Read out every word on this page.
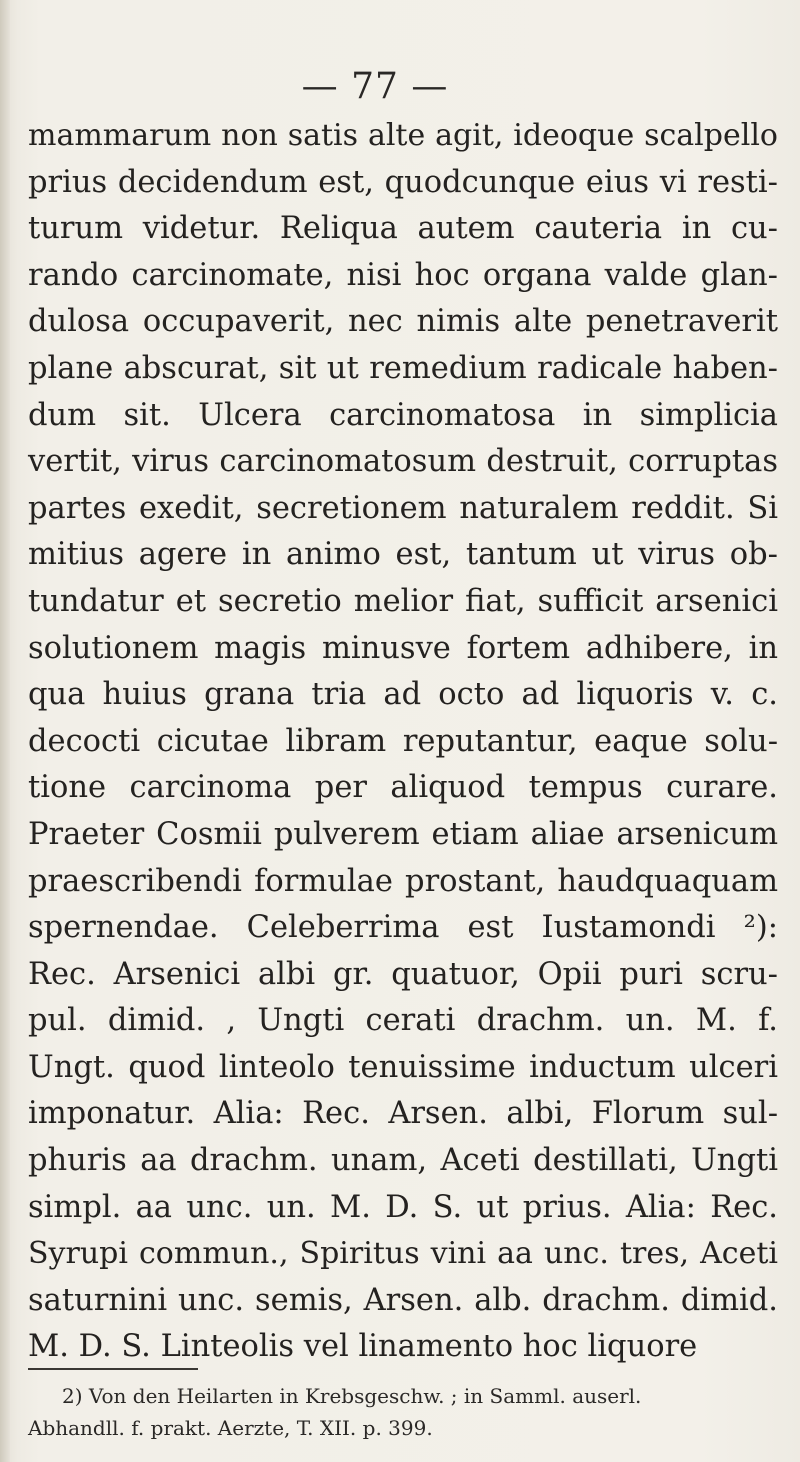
— 77 —
mammarum non satis alte agit, ideoque scalpello
prius decidendum est, quodcunque eius vi resti-
turum videtur. Reliqua autem cauteria in cu-
rando carcinomate, nisi hoc organa valde glan-
dulosa occupaverit, nec nimis alte penetraverit
plane abscurat, sit ut remedium radicale haben-
dum sit. Ulcera carcinomatosa in simplicia
vertit, virus carcinomatosum destruit, corruptas
partes exedit, secretionem naturalem reddit. Si
mitius agere in animo est, tantum ut virus ob-
tundatur et secretio melior fiat, sufficit arsenici
solutionem magis minusve fortem adhibere, in
qua huius grana tria ad octo ad liquoris v. c.
decocti cicutae libram reputantur, eaque solu-
tione carcinoma per aliquod tempus curare.
Praeter Cosmii pulverem etiam aliae arsenicum
praescribendi formulae prostant, haudquaquam
spernendae. Celeberrima est Iustamondi ²):
Rec. Arsenici albi gr. quatuor, Opii puri scru-
pul. dimid. , Ungti cerati drachm. un. M. f.
Ungt. quod linteolo tenuissime inductum ulceri
imponatur. Alia: Rec. Arsen. albi, Florum sul-
phuris aa drachm. unam, Aceti destillati, Ungti
simpl. aa unc. un. M. D. S. ut prius. Alia: Rec.
Syrupi commun., Spiritus vini aa unc. tres, Aceti
saturnini unc. semis, Arsen. alb. drachm. dimid.
M. D. S. Linteolis vel linamento hoc liquore
2) Von den Heilarten in Krebsgeschw. ; in Samml. auserl.
Abhandll. f. prakt. Aerzte, T. XII. p. 399.
